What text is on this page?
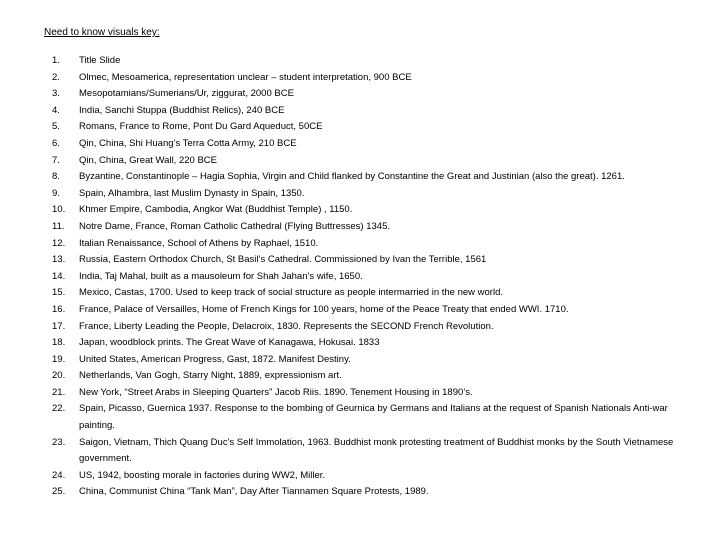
Need to know visuals key:
1.	Title Slide
2.	Olmec, Mesoamerica, representation unclear – student interpretation, 900 BCE
3.	Mesopotamians/Sumerians/Ur, ziggurat, 2000 BCE
4.	India, Sanchi Stuppa (Buddhist Relics), 240 BCE
5.	Romans, France to Rome, Pont Du Gard Aqueduct, 50CE
6.	Qin, China, Shi Huang’s Terra Cotta Army, 210 BCE
7.	Qin, China, Great Wall, 220 BCE
8.	Byzantine, Constantinople – Hagia Sophia, Virgin and Child flanked by Constantine the Great and Justinian (also the great). 1261.
9.	Spain, Alhambra, last Muslim Dynasty in Spain, 1350.
10.	Khmer Empire, Cambodia, Angkor Wat (Buddhist Temple) , 1150.
11.	Notre Dame, France, Roman Catholic Cathedral (Flying Buttresses) 1345.
12.	Italian Renaissance, School of Athens by Raphael, 1510.
13.	Russia, Eastern Orthodox Church, St Basil’s Cathedral. Commissioned by Ivan the Terrible, 1561
14.	India, Taj Mahal, built as a mausoleum for Shah Jahan’s wife, 1650.
15.	Mexico, Castas, 1700. Used to keep track of social structure as people intermarried in the new world.
16.	France, Palace of Versailles, Home of French Kings for 100 years, home of the Peace Treaty that ended WWI. 1710.
17.	France, Liberty Leading the People, Delacroix, 1830. Represents the SECOND French Revolution.
18.	Japan, woodblock prints. The Great Wave of Kanagawa, Hokusai. 1833
19.	United States, American Progress, Gast, 1872. Manifest Destiny.
20.	Netherlands, Van Gogh, Starry Night, 1889, expressionism art.
21.	New York, “Street Arabs in Sleeping Quarters” Jacob Riis. 1890. Tenement Housing in 1890’s.
22.	Spain, Picasso, Guernica 1937. Response to the bombing of Geurnica by Germans and Italians at the request of Spanish Nationals Anti-war painting.
23.	Saigon, Vietnam, Thich Quang Duc's Self Immolation, 1963. Buddhist monk protesting treatment of Buddhist monks by the South Vietnamese government.
24.	US, 1942, boosting morale in factories during WW2, Miller.
25.	China, Communist China “Tank Man”, Day After Tiannamen Square Protests, 1989.
